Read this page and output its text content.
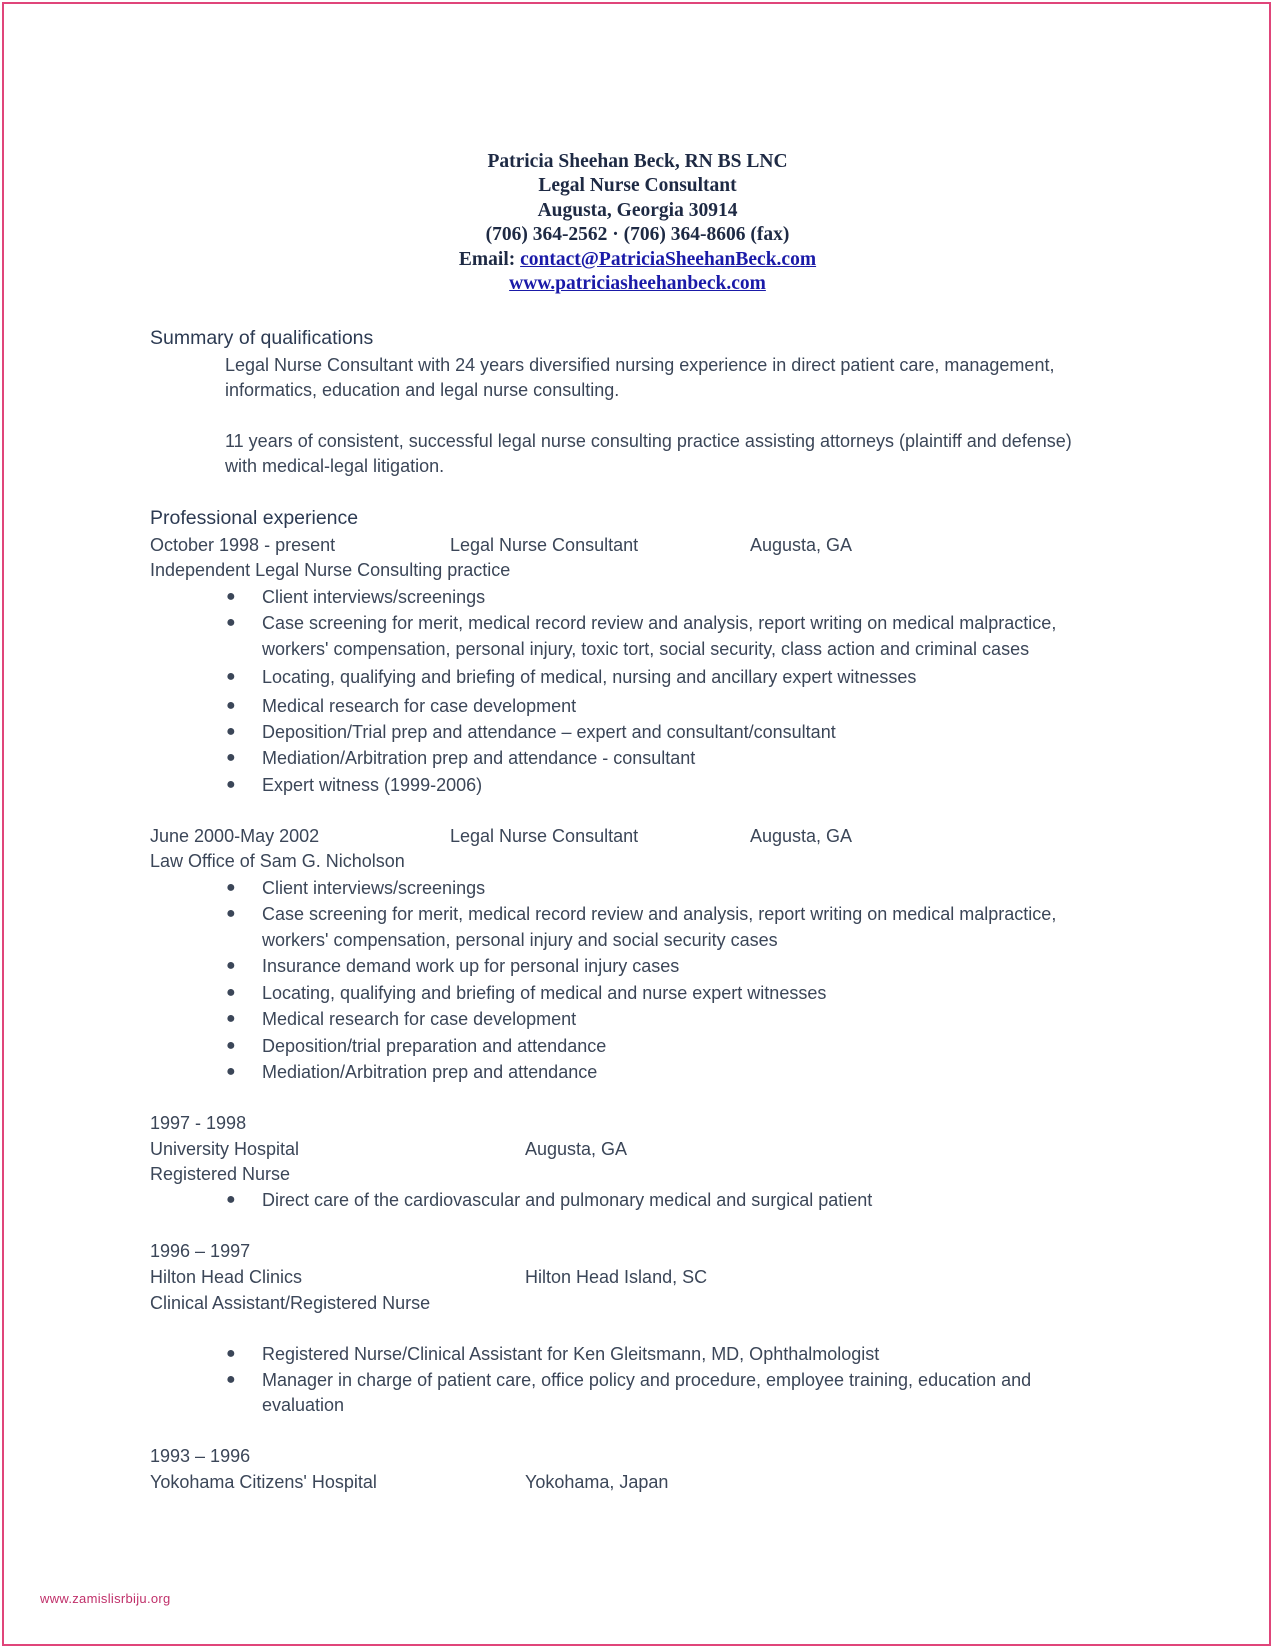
Patricia Sheehan Beck, RN BS LNC
Legal Nurse Consultant
Augusta, Georgia 30914
(706) 364-2562 · (706) 364-8606 (fax)
Email: contact@PatriciaSheehanBeck.com
www.patriciasheehanbeck.com
Summary of qualifications
Legal Nurse Consultant with 24 years diversified nursing experience in direct patient care, management,
informatics, education and legal nurse consulting.
11 years of consistent, successful legal nurse consulting practice assisting attorneys (plaintiff and defense)
with medical-legal litigation.
Professional experience
October 1998 - present	Legal Nurse Consultant	Augusta, GA
Independent Legal Nurse Consulting practice
● Client interviews/screenings
● Case screening for merit, medical record review and analysis, report writing on medical malpractice,
workers' compensation, personal injury, toxic tort, social security, class action and criminal cases
● Locating, qualifying and briefing of medical, nursing and ancillary expert witnesses
● Medical research for case development
● Deposition/Trial prep and attendance – expert and consultant/consultant
● Mediation/Arbitration prep and attendance - consultant
● Expert witness (1999-2006)
June 2000-May 2002	Legal Nurse Consultant	Augusta, GA
Law Office of Sam G. Nicholson
● Client interviews/screenings
● Case screening for merit, medical record review and analysis, report writing on medical malpractice,
workers' compensation, personal injury and social security cases
● Insurance demand work up for personal injury cases
● Locating, qualifying and briefing of medical and nurse expert witnesses
● Medical research for case development
● Deposition/trial preparation and attendance
● Mediation/Arbitration prep and attendance
1997 - 1998
University Hospital	Augusta, GA
Registered Nurse
● Direct care of the cardiovascular and pulmonary medical and surgical patient
1996 – 1997
Hilton Head Clinics	Hilton Head Island, SC
Clinical Assistant/Registered Nurse
● Registered Nurse/Clinical Assistant for Ken Gleitsmann, MD, Ophthalmologist
● Manager in charge of patient care, office policy and procedure, employee training, education and
evaluation
1993 – 1996
Yokohama Citizens' Hospital	Yokohama, Japan
www.zamislisrbiju.org
